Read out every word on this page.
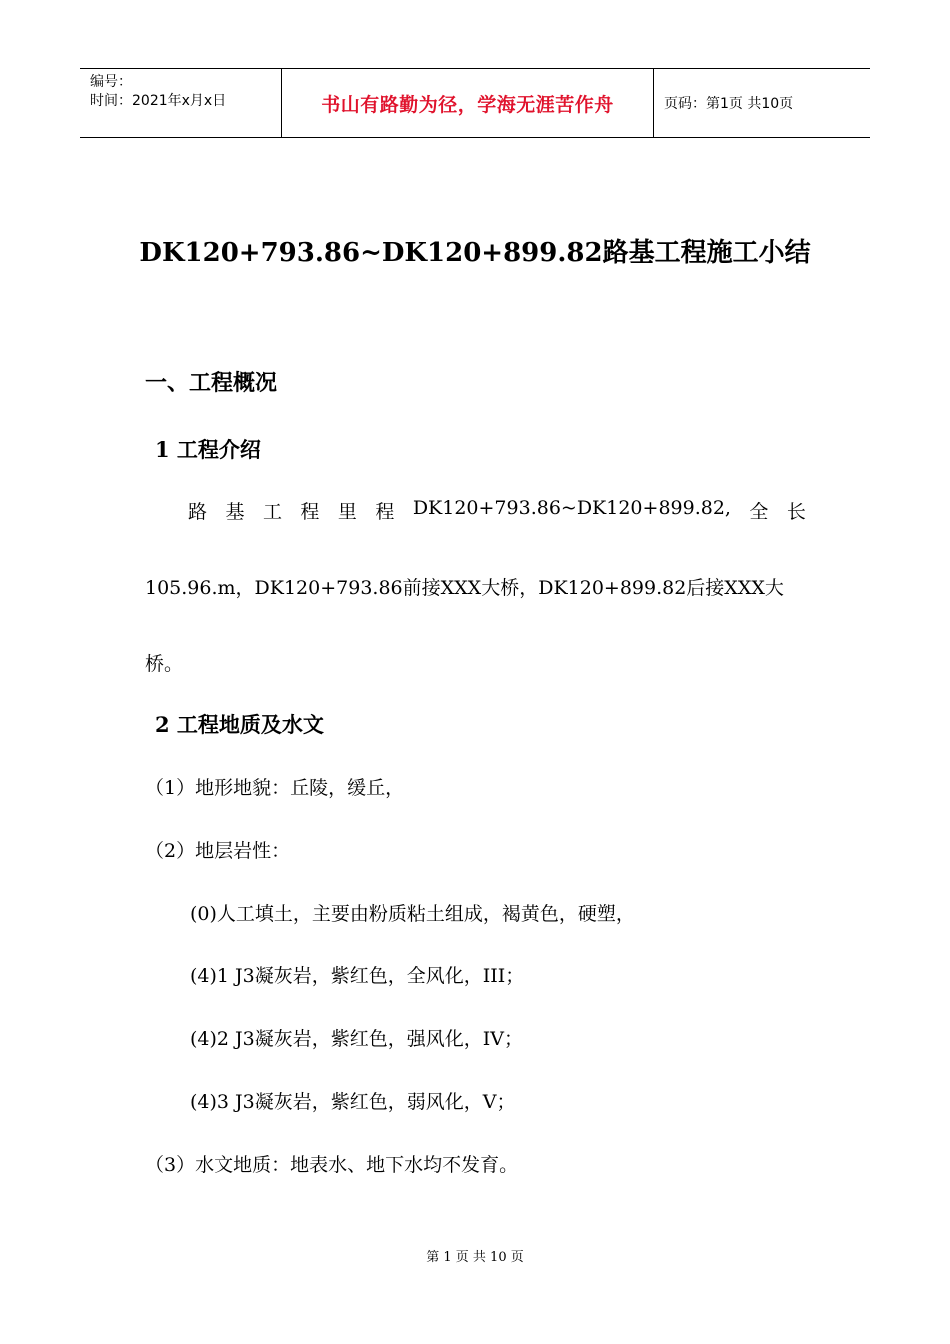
编号：
时间：2021年x月x日	书山有路勤为径，学海无涯苦作舟	页码：第1页 共10页
DK120+793.86~DK120+899.82路基工程施工小结
一、工程概况
1 工程介绍
路 基 工 程 里 程 DK120+793.86~DK120+899.82, 全 长
105.96.m，DK120+793.86前接XXX大桥，DK120+899.82后接XXX大
桥。
2 工程地质及水文
（1）地形地貌：丘陵，缓丘，
（2）地层岩性：
(0)人工填土，主要由粉质粘土组成，褐黄色，硬塑，
(4)1 J3凝灰岩，紫红色，全风化，III；
(4)2 J3凝灰岩，紫红色，强风化，IV；
(4)3 J3凝灰岩，紫红色，弱风化，V；
（3）水文地质：地表水、地下水均不发育。
第 1 页 共 10 页
